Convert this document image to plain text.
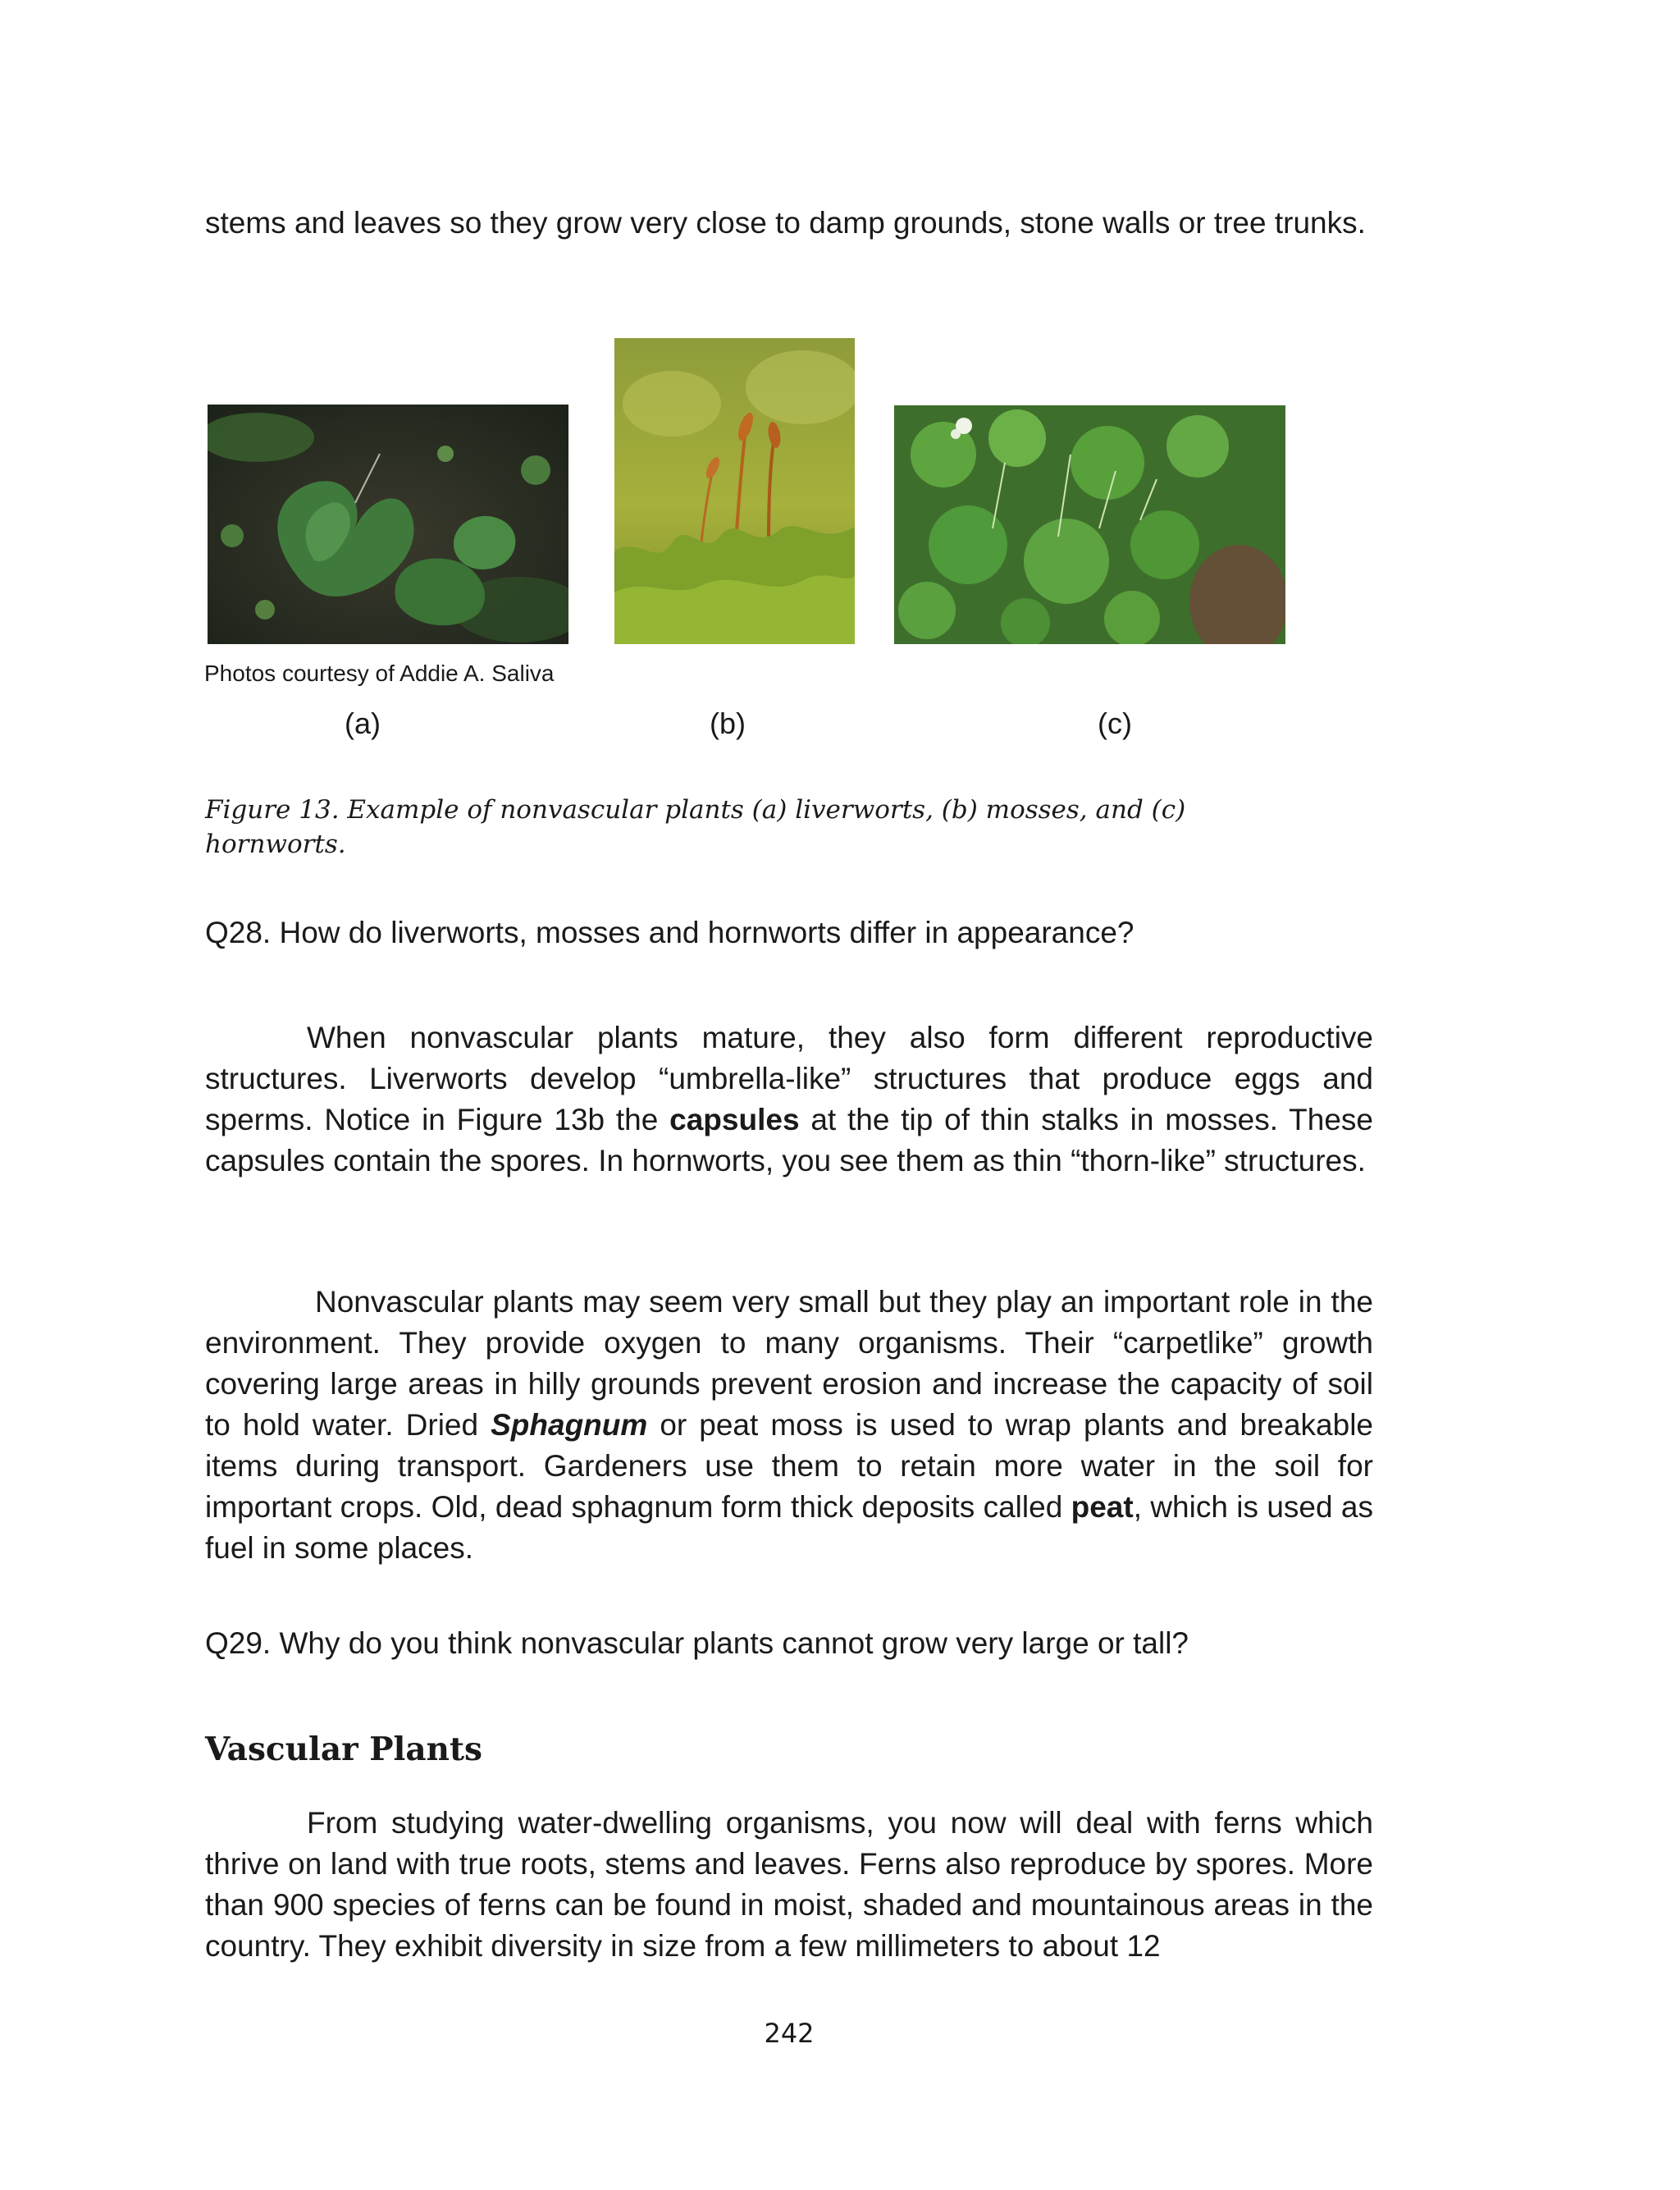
stems and leaves so they grow very close to damp grounds, stone walls or tree trunks.

Photos courtesy of Addie A. Saliva
(a)	(b)	(c)
Figure 13. Example of nonvascular plants (a) liverworts, (b) mosses, and (c) hornworts.
Q28. How do liverworts, mosses and hornworts differ in appearance?

When nonvascular plants mature, they also form different reproductive structures. Liverworts develop “umbrella-like” structures that produce eggs and sperms. Notice in Figure 13b the capsules at the tip of thin stalks in mosses. These capsules contain the spores. In hornworts, you see them as thin “thorn-like” structures.

Nonvascular plants may seem very small but they play an important role in the environment. They provide oxygen to many organisms. Their “carpetlike” growth covering large areas in hilly grounds prevent erosion and increase the capacity of soil to hold water. Dried Sphagnum or peat moss is used to wrap plants and breakable items during transport. Gardeners use them to retain more water in the soil for important crops. Old, dead sphagnum form thick deposits called peat, which is used as fuel in some places.

Q29. Why do you think nonvascular plants cannot grow very large or tall?
Vascular Plants

From studying water-dwelling organisms, you now will deal with ferns which thrive on land with true roots, stems and leaves. Ferns also reproduce by spores. More than 900 species of ferns can be found in moist, shaded and mountainous areas in the country. They exhibit diversity in size from a few millimeters to about 12

242
